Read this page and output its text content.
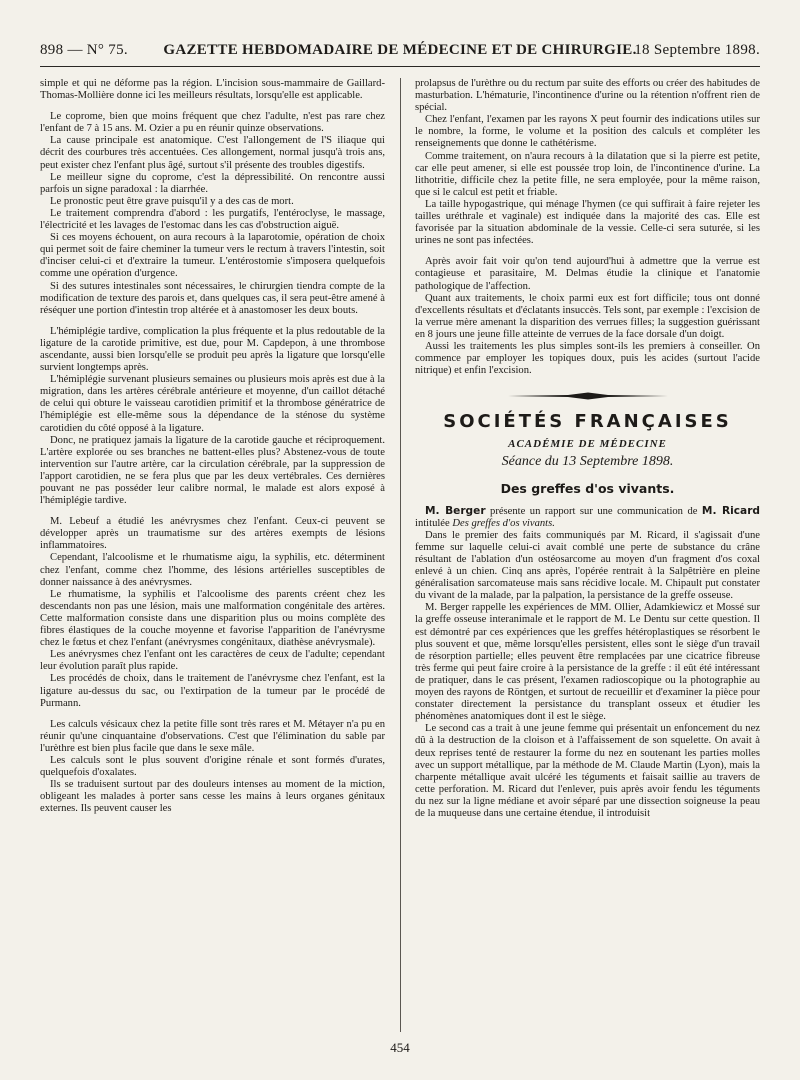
898 — N° 75.	GAZETTE HEBDOMADAIRE DE MÉDECINE ET DE CHIRURGIE.
18 Septembre 1898.

simple et qui ne déforme pas la région. L'incision sous-mammaire de Gaillard-Thomas-Mollière donne ici les meilleurs résultats, lorsqu'elle est applicable.

Le coprome, bien que moins fréquent que chez l'adulte, n'est pas rare chez l'enfant de 7 à 15 ans. M. Ozier a pu en réunir quinze observations.

La cause principale est anatomique. C'est l'allongement de l'S iliaque qui décrit des courbures très accentuées. Ces allongement, normal jusqu'à trois ans, peut exister chez l'enfant plus âgé, surtout s'il présente des troubles digestifs.

Le meilleur signe du coprome, c'est la dépressibilité. On rencontre aussi parfois un signe paradoxal : la diarrhée.

Le pronostic peut être grave puisqu'il y a des cas de mort.

Le traitement comprendra d'abord : les purgatifs, l'entéroclyse, le massage, l'électricité et les lavages de l'estomac dans les cas d'obstruction aiguë.

Si ces moyens échouent, on aura recours à la laparotomie, opération de choix qui permet soit de faire cheminer la tumeur vers le rectum à travers l'intestin, soit d'inciser celui-ci et d'extraire la tumeur. L'entérostomie s'imposera quelquefois comme une opération d'urgence.

Si des sutures intestinales sont nécessaires, le chirurgien tiendra compte de la modification de texture des parois et, dans quelques cas, il sera peut-être amené à réséquer une portion d'intestin trop altérée et à anastomoser les deux bouts.

L'hémiplégie tardive, complication la plus fréquente et la plus redoutable de la ligature de la carotide primitive, est due, pour M. Capdepon, à une thrombose ascendante, aussi bien lorsqu'elle se produit peu après la ligature que lorsqu'elle survient longtemps après.

L'hémiplégie survenant plusieurs semaines ou plusieurs mois après est due à la migration, dans les artères cérébrale antérieure et moyenne, d'un caillot détaché de celui qui obture le vaisseau carotidien primitif et la thrombose génératrice de l'hémiplégie est elle-même sous la dépendance de la sténose du système carotidien du côté opposé à la ligature.

Donc, ne pratiquez jamais la ligature de la carotide gauche et réciproquement. L'artère explorée ou ses branches ne battent-elles plus? Abstenez-vous de toute intervention sur l'autre artère, car la circulation cérébrale, par la suppression de l'apport carotidien, ne se fera plus que par les deux vertébrales. Ces dernières pouvant ne pas posséder leur calibre normal, le malade est alors exposé à l'hémiplégie tardive.

M. Lebeuf a étudié les anévrysmes chez l'enfant. Ceux-ci peuvent se développer après un traumatisme sur des artères exempts de lésions inflammatoires.

Cependant, l'alcoolisme et le rhumatisme aigu, la syphilis, etc. déterminent chez l'enfant, comme chez l'homme, des lésions artérielles susceptibles de donner naissance à des anévrysmes.

Le rhumatisme, la syphilis et l'alcoolisme des parents créent chez les descendants non pas une lésion, mais une malformation congénitale des artères. Cette malformation consiste dans une disparition plus ou moins complète des fibres élastiques de la couche moyenne et favorise l'apparition de l'anévrysme chez le fœtus et chez l'enfant (anévrysmes congénitaux, diathèse anévrysmale).

Les anévrysmes chez l'enfant ont les caractères de ceux de l'adulte; cependant leur évolution paraît plus rapide.

Les procédés de choix, dans le traitement de l'anévrysme chez l'enfant, est la ligature au-dessus du sac, ou l'extirpation de la tumeur par le procédé de Purmann.

Les calculs vésicaux chez la petite fille sont très rares et M. Métayer n'a pu en réunir qu'une cinquantaine d'observations. C'est que l'élimination du sable par l'urèthre est bien plus facile que dans le sexe mâle.

Les calculs sont le plus souvent d'origine rénale et sont formés d'urates, quelquefois d'oxalates.

Ils se traduisent surtout par des douleurs intenses au moment de la miction, obligeant les malades à porter sans cesse les mains à leurs organes génitaux externes. Ils peuvent causer les

prolapsus de l'urèthre ou du rectum par suite des efforts ou créer des habitudes de masturbation. L'hématurie, l'incontinence d'urine ou la rétention n'offrent rien de spécial.

Chez l'enfant, l'examen par les rayons X peut fournir des indications utiles sur le nombre, la forme, le volume et la position des calculs et compléter les renseignements que donne le cathétérisme.

Comme traitement, on n'aura recours à la dilatation que si la pierre est petite, car elle peut amener, si elle est poussée trop loin, de l'incontinence d'urine. La lithotritie, difficile chez la petite fille, ne sera employée, pour la même raison, que si le calcul est petit et friable.

La taille hypogastrique, qui ménage l'hymen (ce qui suffirait à faire rejeter les tailles uréthrale et vaginale) est indiquée dans la majorité des cas. Elle est favorisée par la situation abdominale de la vessie. Celle-ci sera suturée, si les urines ne sont pas infectées.

Après avoir fait voir qu'on tend aujourd'hui à admettre que la verrue est contagieuse et parasitaire, M. Delmas étudie la clinique et l'anatomie pathologique de l'affection.

Quant aux traitements, le choix parmi eux est fort difficile; tous ont donné d'excellents résultats et d'éclatants insuccès. Tels sont, par exemple : l'excision de la verrue mère amenant la disparition des verrues filles; la suggestion guérissant en 8 jours une jeune fille atteinte de verrues de la face dorsale d'un doigt.

Aussi les traitements les plus simples sont-ils les premiers à conseiller. On commence par employer les topiques doux, puis les acides (surtout l'acide nitrique) et enfin l'excision.

SOCIÉTÉS FRANÇAISES
ACADÉMIE DE MÉDECINE
Séance du 13 Septembre 1898.
Des greffes d'os vivants.

M. Berger présente un rapport sur une communication de M. Ricard intitulée Des greffes d'os vivants.

Dans le premier des faits communiqués par M. Ricard, il s'agissait d'une femme sur laquelle celui-ci avait comblé une perte de substance du crâne résultant de l'ablation d'un ostéosarcome au moyen d'un fragment d'os coxal enlevé à un chien. Cinq ans après, l'opérée rentrait à la Salpêtrière en pleine généralisation sarcomateuse mais sans récidive locale. M. Chipault put constater du vivant de la malade, par la palpation, la persistance de la greffe osseuse.

M. Berger rappelle les expériences de MM. Ollier, Adamkiewicz et Mossé sur la greffe osseuse interanimale et le rapport de M. Le Dentu sur cette question. Il est démontré par ces expériences que les greffes hétéroplastiques se résorbent le plus souvent et que, même lorsqu'elles persistent, elles sont le siège d'un travail de résorption partielle; elles peuvent être remplacées par une cicatrice fibreuse très ferme qui peut faire croire à la persistance de la greffe : il eût été intéressant de pratiquer, dans le cas présent, l'examen radioscopique ou la photographie au moyen des rayons de Röntgen, et surtout de recueillir et d'examiner la pièce pour constater directement la persistance du transplant osseux et étudier les phénomènes anatomiques dont il est le siège.

Le second cas a trait à une jeune femme qui présentait un enfoncement du nez dû à la destruction de la cloison et à l'affaissement de son squelette. On avait à deux reprises tenté de restaurer la forme du nez en soutenant les parties molles avec un support métallique, par la méthode de M. Claude Martin (Lyon), mais la charpente métallique avait ulcéré les téguments et faisait saillie au travers de cette perforation. M. Ricard dut l'enlever, puis après avoir fendu les téguments du nez sur la ligne médiane et avoir séparé par une dissection soigneuse la peau de la muqueuse dans une certaine étendue, il introduisit

454
